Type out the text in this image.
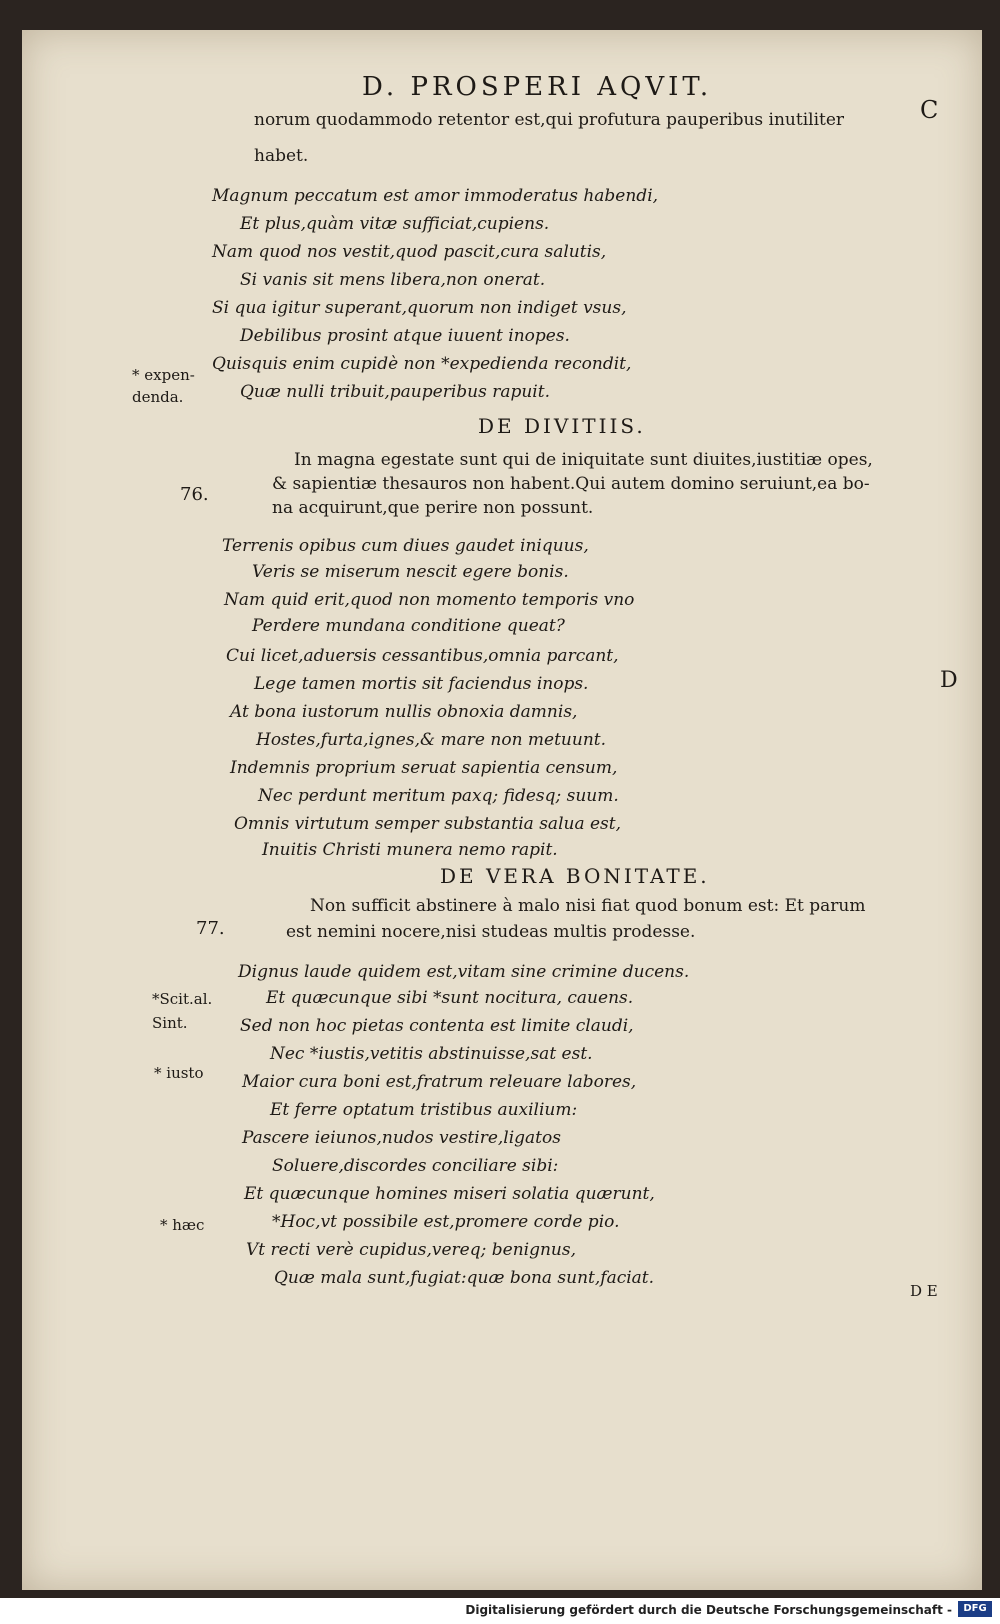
D. PROSPERI AQVIT.
C
D
D E
norum quodammodo retentor est,qui profutura pauperibus inutiliter
habet.
Magnum peccatum est amor immoderatus habendi,
Et plus,quàm vitæ sufficiat,cupiens.
Nam quod nos vestit,quod pascit,cura salutis,
Si vanis sit mens libera,non onerat.
Si qua igitur superant,quorum non indiget vsus,
Debilibus prosint atque iuuent inopes.
Quisquis enim cupidè non *expedienda recondit,
Quæ nulli tribuit,pauperibus rapuit.
* expen-
denda.
DE DIVITIIS.
76.
In magna egestate sunt qui de iniquitate sunt diuites,iustitiæ opes,
& sapientiæ thesauros non habent.Qui autem domino seruiunt,ea bo-
na acquirunt,que perire non possunt.
Terrenis opibus cum diues gaudet iniquus,
Veris se miserum nescit egere bonis.
Nam quid erit,quod non momento temporis vno
Perdere mundana conditione queat?
Cui licet,aduersis cessantibus,omnia parcant,
Lege tamen mortis sit faciendus inops.
At bona iustorum nullis obnoxia damnis,
Hostes,furta,ignes,& mare non metuunt.
Indemnis proprium seruat sapientia censum,
Nec perdunt meritum paxq; fidesq; suum.
Omnis virtutum semper substantia salua est,
Inuitis Christi munera nemo rapit.
DE VERA BONITATE.
77.
Non sufficit abstinere à malo nisi fiat quod bonum est: Et parum
est nemini nocere,nisi studeas multis prodesse.
Dignus laude quidem est,vitam sine crimine ducens.
Et quæcunque sibi *sunt nocitura, cauens.
Sed non hoc pietas contenta est limite claudi,
Nec *iustis,vetitis abstinuisse,sat est.
Maior cura boni est,fratrum releuare labores,
Et ferre optatum tristibus auxilium:
Pascere ieiunos,nudos vestire,ligatos
Soluere,discordes conciliare sibi:
Et quæcunque homines miseri solatia quærunt,
*Hoc,vt possibile est,promere corde pio.
Vt recti verè cupidus,vereq; benignus,
Quæ mala sunt,fugiat:quæ bona sunt,faciat.
*Scit.al.
Sint.
* iusto
* hæc
Digitalisierung gefördert durch die Deutsche Forschungsgemeinschaft -	DFG
